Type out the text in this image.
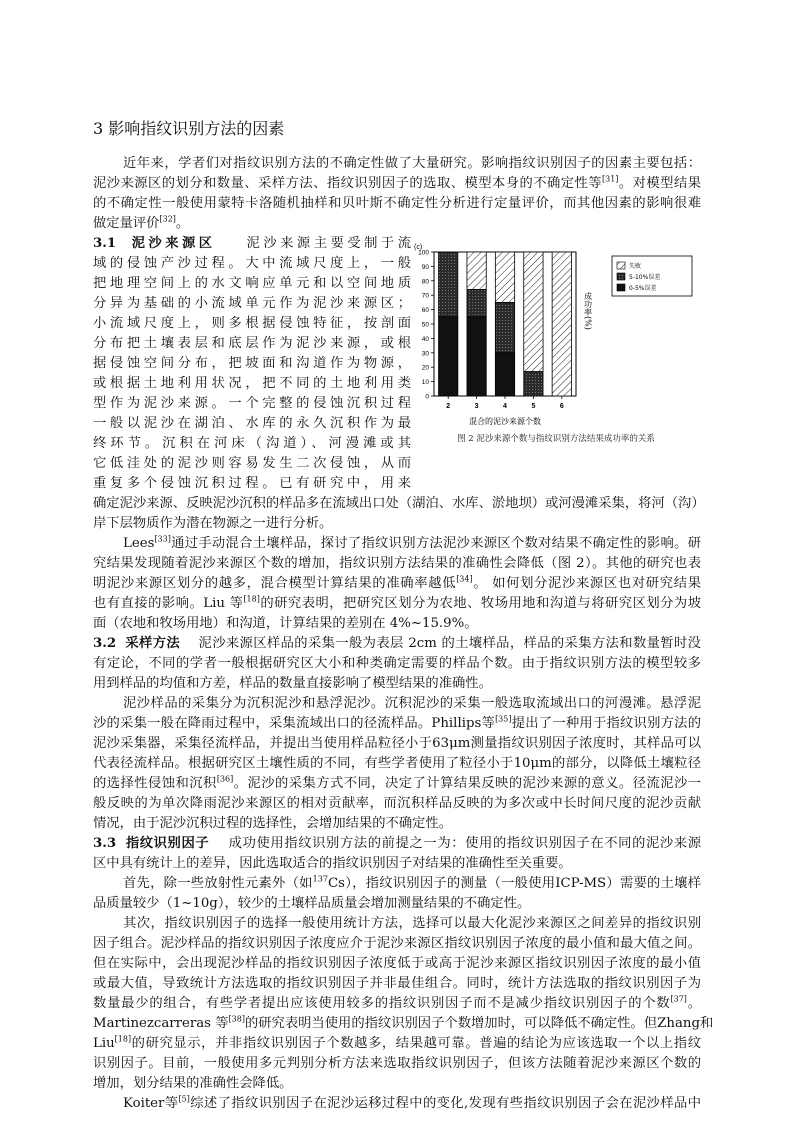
3 影响指纹识别方法的因素
近年来，学者们对指纹识别方法的不确定性做了大量研究。影响指纹识别因子的因素主要包括：
泥沙来源区的划分和数量、采样方法、指纹识别因子的选取、模型本身的不确定性等[31]。对模型结果
的不确定性一般使用蒙特卡洛随机抽样和贝叶斯不确定性分析进行定量评价，而其他因素的影响很难
做定量评价[32]。
3.1 泥沙来源区 泥沙来源主要受制于流
域的侵蚀产沙过程。大中流域尺度上，一般
把地理空间上的水文响应单元和以空间地质
分异为基础的小流域单元作为泥沙来源区；
小流域尺度上，则多根据侵蚀特征，按剖面
分布把土壤表层和底层作为泥沙来源，或根
据侵蚀空间分布，把坡面和沟道作为物源，
或根据土地利用状况，把不同的土地利用类
型作为泥沙来源。一个完整的侵蚀沉积过程
一般以泥沙在湖泊、水库的永久沉积作为最
终环节。沉积在河床（沟道）、河漫滩或其
它低洼处的泥沙则容易发生二次侵蚀，从而
重复多个侵蚀沉积过程。已有研究中，用来
确定泥沙来源、反映泥沙沉积的样品多在流域出口处（湖泊、水库、淤地坝）或河漫滩采集，将河（沟）
岸下层物质作为潜在物源之一进行分析。
Lees[33]通过手动混合土壤样品，探讨了指纹识别方法泥沙来源区个数对结果不确定性的影响。研
究结果发现随着泥沙来源区个数的增加，指纹识别方法结果的准确性会降低（图 2）。其他的研究也表
明泥沙来源区划分的越多，混合模型计算结果的准确率越低[34]。 如何划分泥沙来源区也对研究结果
也有直接的影响。Liu 等[18]的研究表明，把研究区划分为农地、牧场用地和沟道与将研究区划分为坡
面（农地和牧场用地）和沟道，计算结果的差别在 4%~15.9%。
3.2 采样方法 泥沙来源区样品的采集一般为表层 2cm 的土壤样品，样品的采集方法和数量暂时没
有定论，不同的学者一般根据研究区大小和种类确定需要的样品个数。由于指纹识别方法的模型较多
用到样品的均值和方差，样品的数量直接影响了模型结果的准确性。
泥沙样品的采集分为沉积泥沙和悬浮泥沙。沉积泥沙的采集一般选取流域出口的河漫滩。悬浮泥
沙的采集一般在降雨过程中，采集流域出口的径流样品。Phillips等[35]提出了一种用于指纹识别方法的
泥沙采集器，采集径流样品，并提出当使用样品粒径小于63μm测量指纹识别因子浓度时，其样品可以
代表径流样品。根据研究区土壤性质的不同，有些学者使用了粒径小于10μm的部分，以降低土壤粒径
的选择性侵蚀和沉积[36]。泥沙的采集方式不同，决定了计算结果反映的泥沙来源的意义。径流泥沙一
般反映的为单次降雨泥沙来源区的相对贡献率，而沉积样品反映的为多次或中长时间尺度的泥沙贡献
情况，由于泥沙沉积过程的选择性，会增加结果的不确定性。
3.3 指纹识别因子 成功使用指纹识别方法的前提之一为：使用的指纹识别因子在不同的泥沙来源
区中具有统计上的差异，因此选取适合的指纹识别因子对结果的准确性至关重要。
首先，除一些放射性元素外（如$^{137}$Cs），指纹识别因子的测量（一般使用ICP-MS）需要的土壤样
品质量较少（1~10g），较少的土壤样品质量会增加测量结果的不确定性。
其次，指纹识别因子的选择一般使用统计方法，选择可以最大化泥沙来源区之间差异的指纹识别
因子组合。泥沙样品的指纹识别因子浓度应介于泥沙来源区指纹识别因子浓度的最小值和最大值之间。
但在实际中，会出现泥沙样品的指纹识别因子浓度低于或高于泥沙来源区指纹识别因子浓度的最小值
或最大值，导致统计方法选取的指纹识别因子并非最佳组合。同时，统计方法选取的指纹识别因子为
数量最少的组合，有些学者提出应该使用较多的指纹识别因子而不是减少指纹识别因子的个数[37]。
Martinezcarreras 等[38]的研究表明当使用的指纹识别因子个数增加时，可以降低不确定性。但Zhang和
Liu[18]的研究显示，并非指纹识别因子个数越多，结果越可靠。普遍的结论为应该选取一个以上指纹
识别因子。目前，一般使用多元判别分析方法来选取指纹识别因子，但该方法随着泥沙来源区个数的
增加，划分结果的准确性会降低。
Koiter等[5]综述了指纹识别因子在泥沙运移过程中的变化,发现有些指纹识别因子会在泥沙样品中
(c)
0
10
20
30
40
50
60
70
80
90
100
2	3	4	5	6
混合的泥沙来源个数
成功率(%)
失败
5-10%误差
0-5%误差
图 2 泥沙来源个数与指纹识别方法结果成功率的关系
